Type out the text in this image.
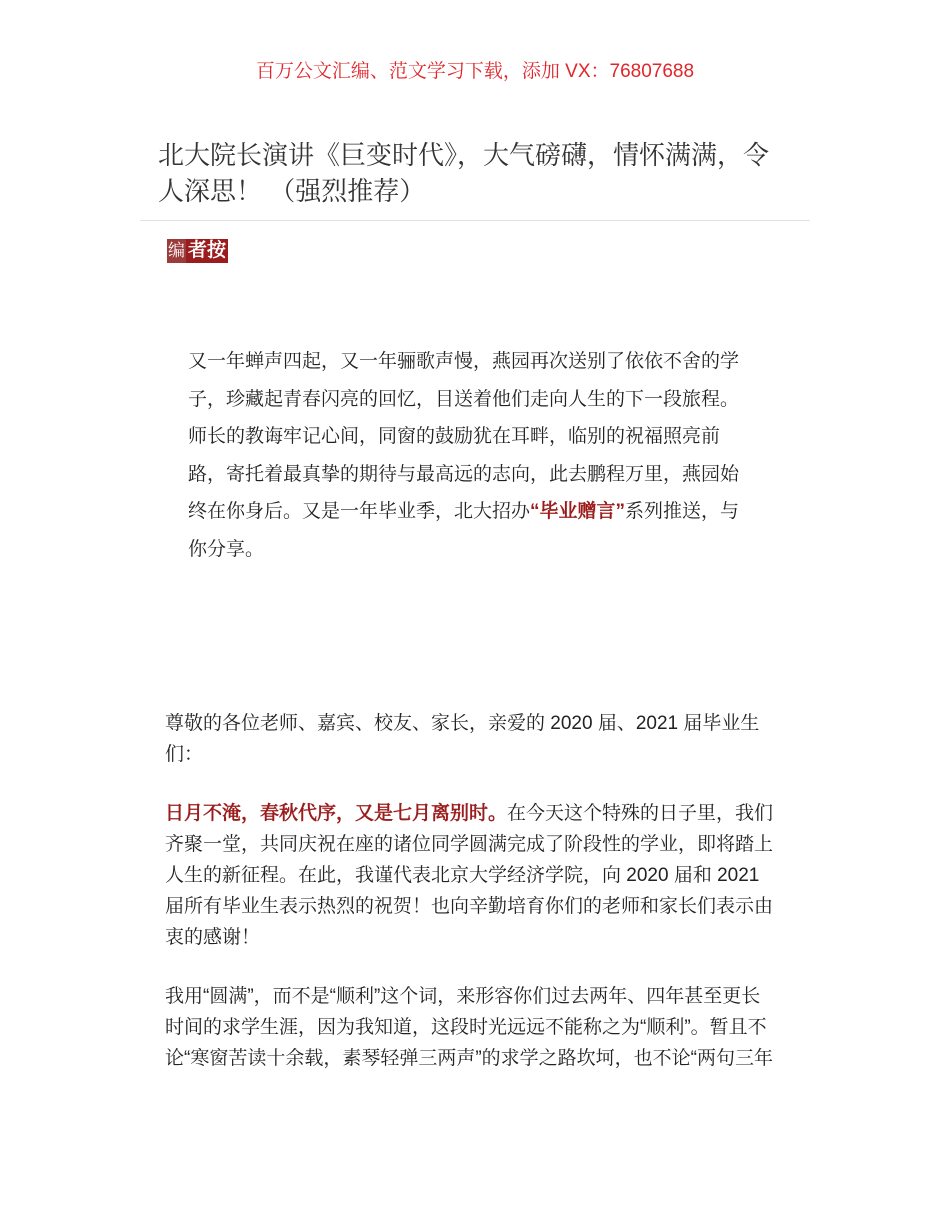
百万公文汇编、范文学习下载，添加 VX：76807688
北大院长演讲《巨变时代》，大气磅礴，情怀满满，令
人深思！ （强烈推荐）
编 者按
又一年蝉声四起，又一年骊歌声慢，燕园再次送别了依依不舍的学
子，珍藏起青春闪亮的回忆，目送着他们走向人生的下一段旅程。
师长的教诲牢记心间，同窗的鼓励犹在耳畔，临别的祝福照亮前
路，寄托着最真挚的期待与最高远的志向，此去鹏程万里，燕园始
终在你身后。又是一年毕业季，北大招办“毕业赠言”系列推送，与
你分享。
尊敬的各位老师、嘉宾、校友、家长，亲爱的 2020 届、2021 届毕业生
们：
日月不淹，春秋代序，又是七月离别时。在今天这个特殊的日子里，我们
齐聚一堂，共同庆祝在座的诸位同学圆满完成了阶段性的学业，即将踏上
人生的新征程。在此，我谨代表北京大学经济学院，向 2020 届和 2021
届所有毕业生表示热烈的祝贺！也向辛勤培育你们的老师和家长们表示由
衷的感谢！
我用“圆满”，而不是“顺利”这个词，来形容你们过去两年、四年甚至更长
时间的求学生涯，因为我知道，这段时光远远不能称之为“顺利”。暂且不
论“寒窗苦读十余载，素琴轻弹三两声”的求学之路坎坷，也不论“两句三年
